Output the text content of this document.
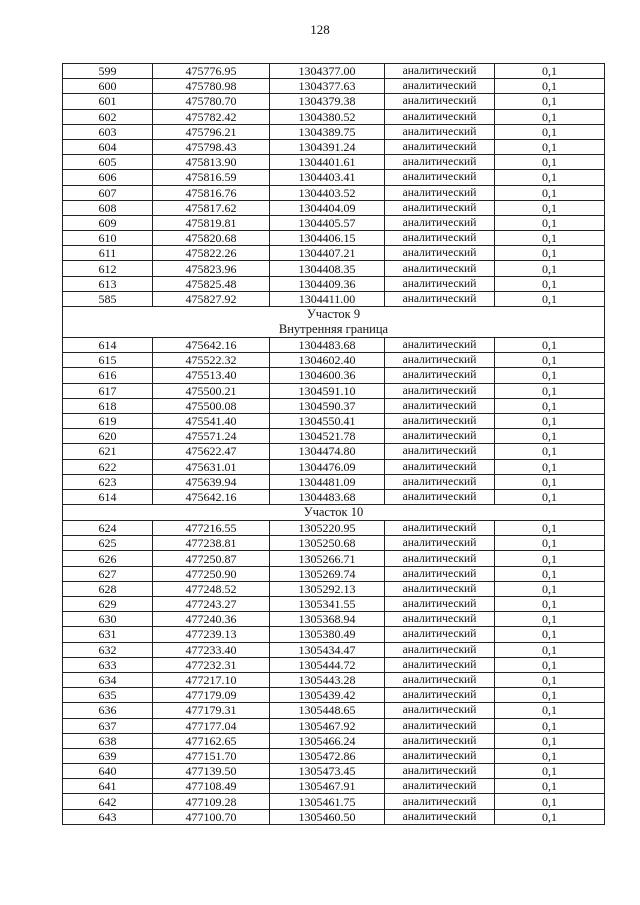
128
599	475776.95	1304377.00	аналитический	0,1
600	475780.98	1304377.63	аналитический	0,1
601	475780.70	1304379.38	аналитический	0,1
602	475782.42	1304380.52	аналитический	0,1
603	475796.21	1304389.75	аналитический	0,1
604	475798.43	1304391.24	аналитический	0,1
605	475813.90	1304401.61	аналитический	0,1
606	475816.59	1304403.41	аналитический	0,1
607	475816.76	1304403.52	аналитический	0,1
608	475817.62	1304404.09	аналитический	0,1
609	475819.81	1304405.57	аналитический	0,1
610	475820.68	1304406.15	аналитический	0,1
611	475822.26	1304407.21	аналитический	0,1
612	475823.96	1304408.35	аналитический	0,1
613	475825.48	1304409.36	аналитический	0,1
585	475827.92	1304411.00	аналитический	0,1

Участок 9
Внутренняя граница				

614	475642.16	1304483.68	аналитический	0,1
615	475522.32	1304602.40	аналитический	0,1
616	475513.40	1304600.36	аналитический	0,1
617	475500.21	1304591.10	аналитический	0,1
618	475500.08	1304590.37	аналитический	0,1
619	475541.40	1304550.41	аналитический	0,1
620	475571.24	1304521.78	аналитический	0,1
621	475622.47	1304474.80	аналитический	0,1
622	475631.01	1304476.09	аналитический	0,1
623	475639.94	1304481.09	аналитический	0,1
614	475642.16	1304483.68	аналитический	0,1

Участок 10				

624	477216.55	1305220.95	аналитический	0,1
625	477238.81	1305250.68	аналитический	0,1
626	477250.87	1305266.71	аналитический	0,1
627	477250.90	1305269.74	аналитический	0,1
628	477248.52	1305292.13	аналитический	0,1
629	477243.27	1305341.55	аналитический	0,1
630	477240.36	1305368.94	аналитический	0,1
631	477239.13	1305380.49	аналитический	0,1
632	477233.40	1305434.47	аналитический	0,1
633	477232.31	1305444.72	аналитический	0,1
634	477217.10	1305443.28	аналитический	0,1
635	477179.09	1305439.42	аналитический	0,1
636	477179.31	1305448.65	аналитический	0,1
637	477177.04	1305467.92	аналитический	0,1
638	477162.65	1305466.24	аналитический	0,1
639	477151.70	1305472.86	аналитический	0,1
640	477139.50	1305473.45	аналитический	0,1
641	477108.49	1305467.91	аналитический	0,1
642	477109.28	1305461.75	аналитический	0,1
643	477100.70	1305460.50	аналитический	0,1
